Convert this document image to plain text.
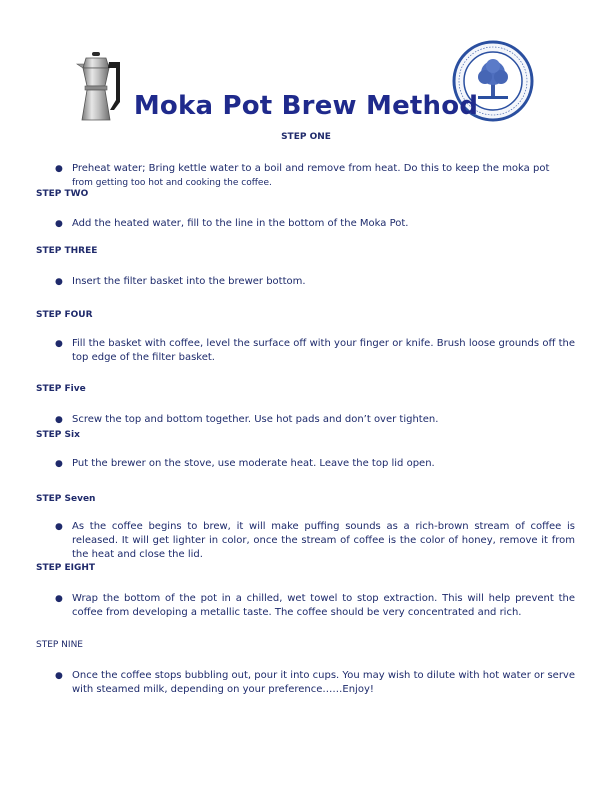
Moka Pot Brew Method
STEP ONE
● Preheat water; Bring kettle water to a boil and remove from heat. Do this to keep the moka pot
from getting too hot and cooking the coffee.
STEP TWO
● Add the heated water, fill to the line in the bottom of the Moka Pot.
STEP THREE
● Insert the filter basket into the brewer bottom.
STEP FOUR
● Fill the basket with coffee, level the surface off with your finger or knife. Brush loose grounds off the top edge of the filter basket.
STEP Five
● Screw the top and bottom together. Use hot pads and don’t over tighten.
STEP Six
● Put the brewer on the stove, use moderate heat. Leave the top lid open.
STEP Seven
● As the coffee begins to brew, it will make puffing sounds as a rich-brown stream of coffee is released. It will get lighter in color, once the stream of coffee is the color of honey, remove it from the heat and close the lid.
STEP EIGHT
● Wrap the bottom of the pot in a chilled, wet towel to stop extraction. This will help prevent the coffee from developing a metallic taste. The coffee should be very concentrated and rich.
STEP NINE
● Once the coffee stops bubbling out, pour it into cups. You may wish to dilute with hot water or serve with steamed milk, depending on your preference……Enjoy!
